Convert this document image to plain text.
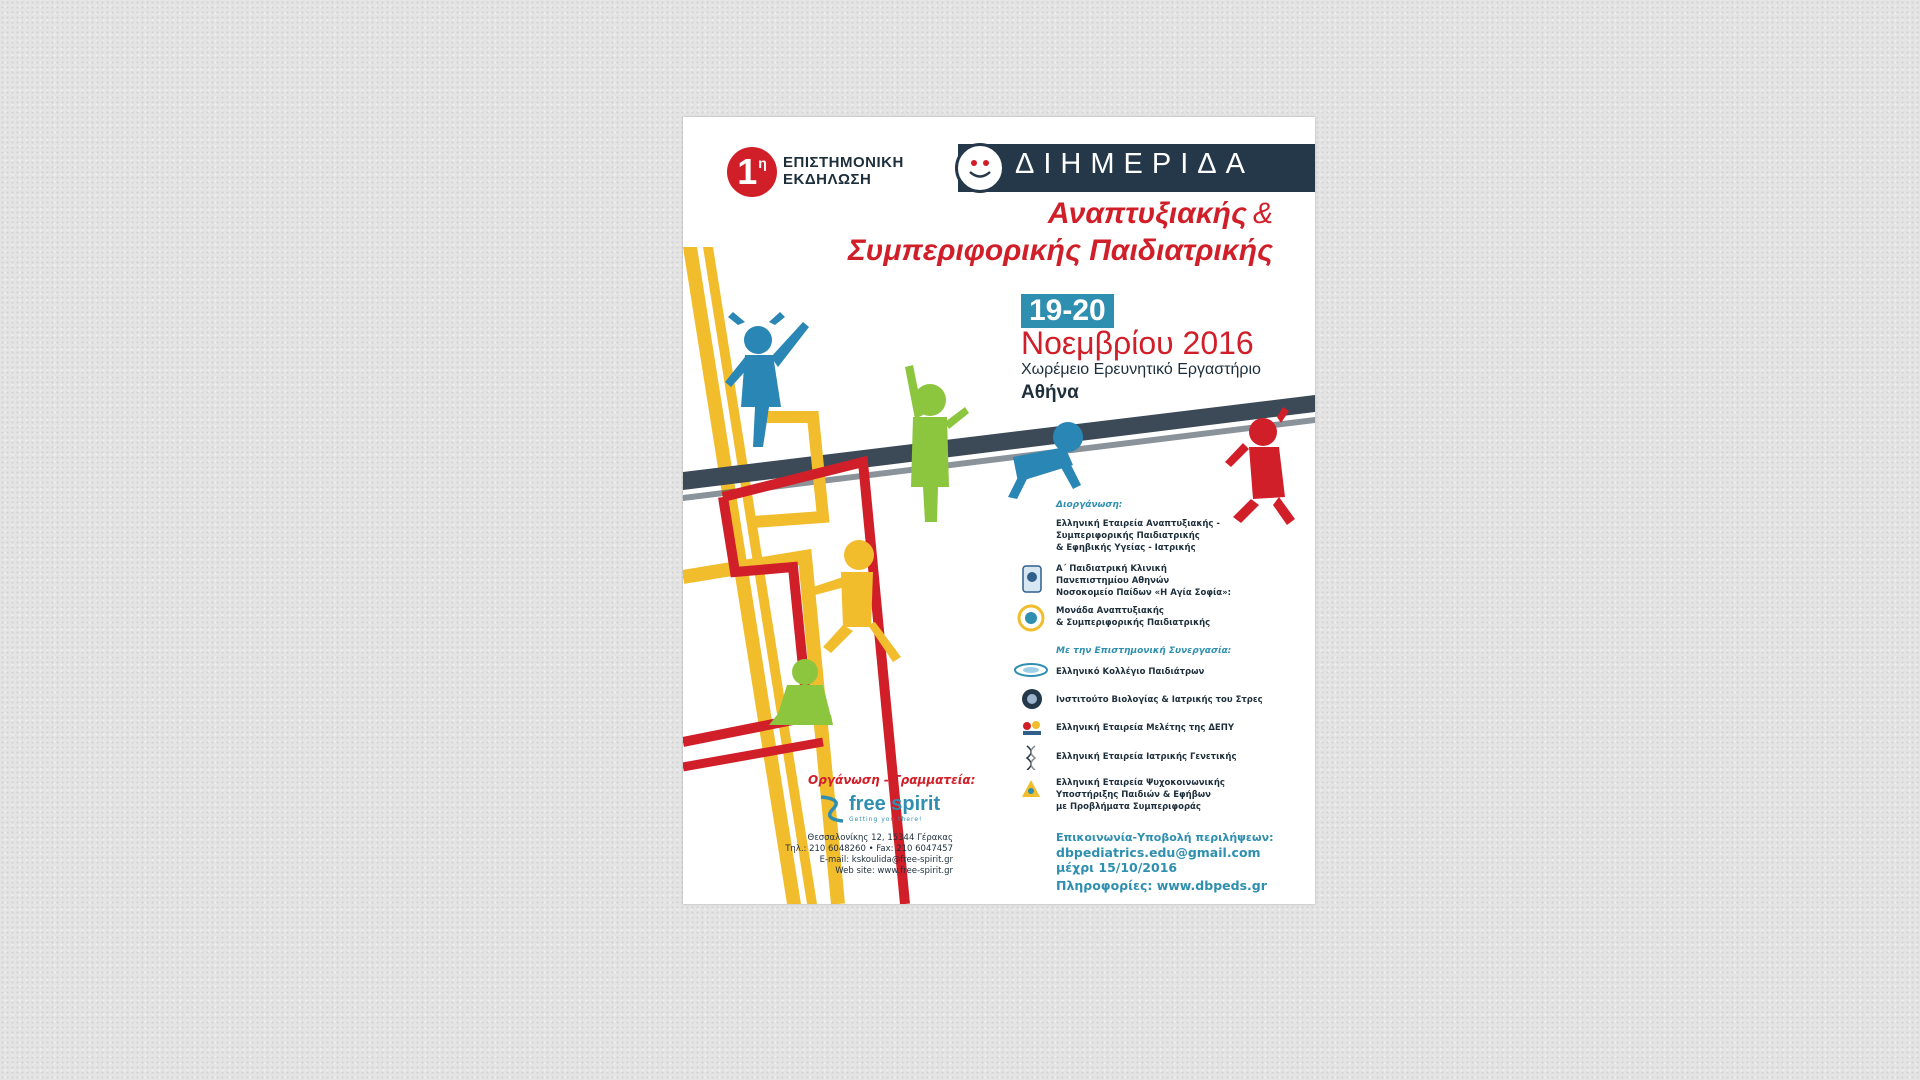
$1^\eta$ ΕΠΙΣΤΗΜΟΝΙΚΗ
ΕΚΔΗΛΩΣΗ	ΔΙΗΜΕΡΙΔΑ
Αναπτυξιακής &
Συμπεριφορικής Παιδιατρικής
19-20
Νοεμβρίου 2016
Χωρέμειο Ερευνητικό Εργαστήριο
Αθήνα
Διοργάνωση:
Ελληνική Εταιρεία Αναπτυξιακής -
Συμπεριφορικής Παιδιατρικής
& Εφηβικής Υγείας - Ιατρικής
Α΄ Παιδιατρική Κλινική
Πανεπιστημίου Αθηνών
Νοσοκομείο Παίδων «Η Αγία Σοφία»:
Μονάδα Αναπτυξιακής
& Συμπεριφορικής Παιδιατρικής
Με την Επιστημονική Συνεργασία:
Ελληνικό Κολλέγιο Παιδιάτρων
Ινστιτούτο Βιολογίας & Ιατρικής του Στρες
Ελληνική Εταιρεία Μελέτης της ΔΕΠΥ
Ελληνική Εταιρεία Ιατρικής Γενετικής
Ελληνική Εταιρεία Ψυχοκοινωνικής
Υποστήριξης Παιδιών & Εφήβων
με Προβλήματα Συμπεριφοράς
Επικοινωνία-Υποβολή περιλήψεων:
dbpediatrics.edu@gmail.com
μέχρι 15/10/2016
Πληροφορίες: www.dbpeds.gr
Οργάνωση - Γραμματεία:
free spirit
Getting you there!
Θεσσαλονίκης 12, 15344 Γέρακας
Τηλ.: 210 6048260 • Fax: 210 6047457
E-mail: kskoulida@free-spirit.gr
Web site: www.free-spirit.gr
